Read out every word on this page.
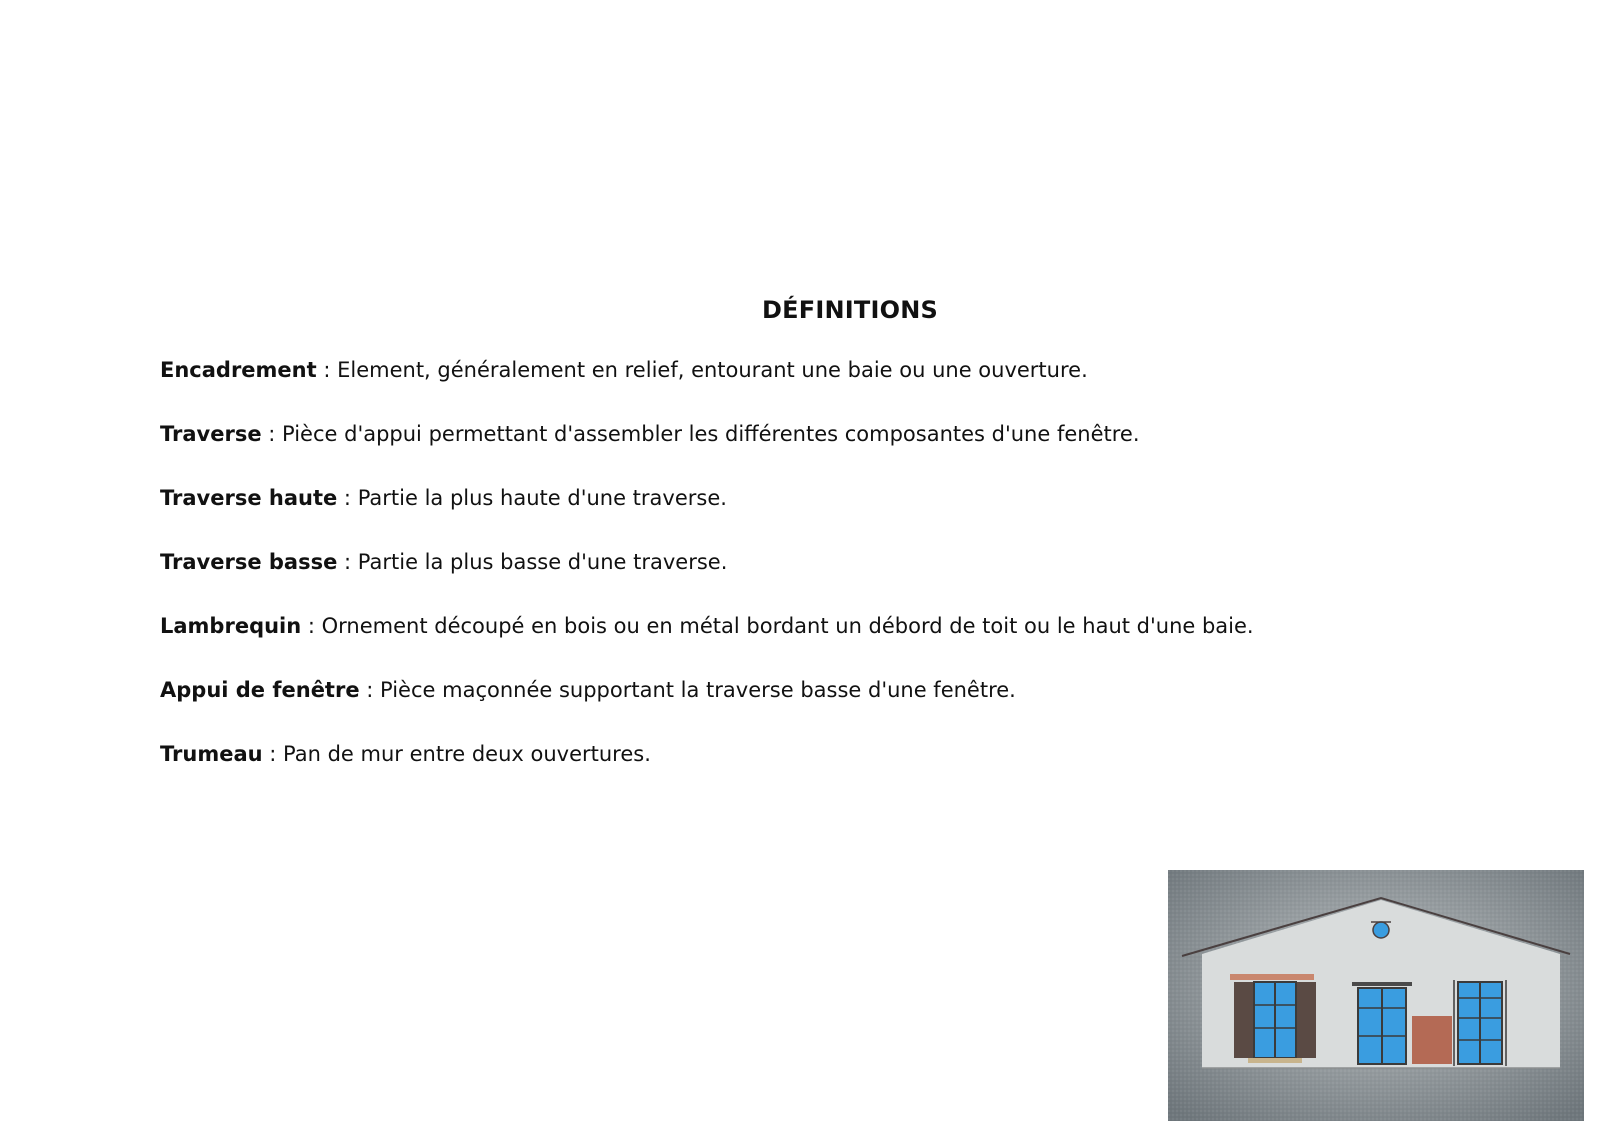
DÉFINITIONS
Encadrement : Element, généralement en relief, entourant une baie ou une ouverture.
Traverse : Pièce d'appui permettant d'assembler les différentes composantes d'une fenêtre.
Traverse haute : Partie la plus haute d'une traverse.
Traverse basse : Partie la plus basse d'une traverse.
Lambrequin : Ornement découpé en bois ou en métal bordant un débord de toit ou le haut d'une baie.
Appui de fenêtre : Pièce maçonnée supportant la traverse basse d'une fenêtre.
Trumeau : Pan de mur entre deux ouvertures.
